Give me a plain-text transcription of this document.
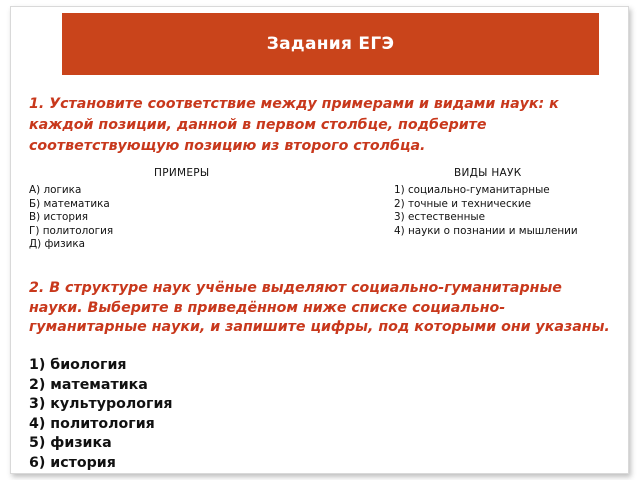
Задания ЕГЭ
1. Установите соответствие между примерами и видами наук: к каждой позиции, данной в первом столбце, подберите соответствующую позицию из второго столбца.
ПРИМЕРЫ	ВИДЫ НАУК
А) логика
Б) математика
В) история
Г) политология
Д) физика
1) социально-гуманитарные
2) точные и технические
3) естественные
4) науки о познании и мышлении
2. В структуре наук учёные выделяют социально-гуманитарные науки. Выберите в приведённом ниже списке социально-гуманитарные науки, и запишите цифры, под которыми они указаны.
1) биология
2) математика
3) культурология
4) политология
5) физика
6) история
